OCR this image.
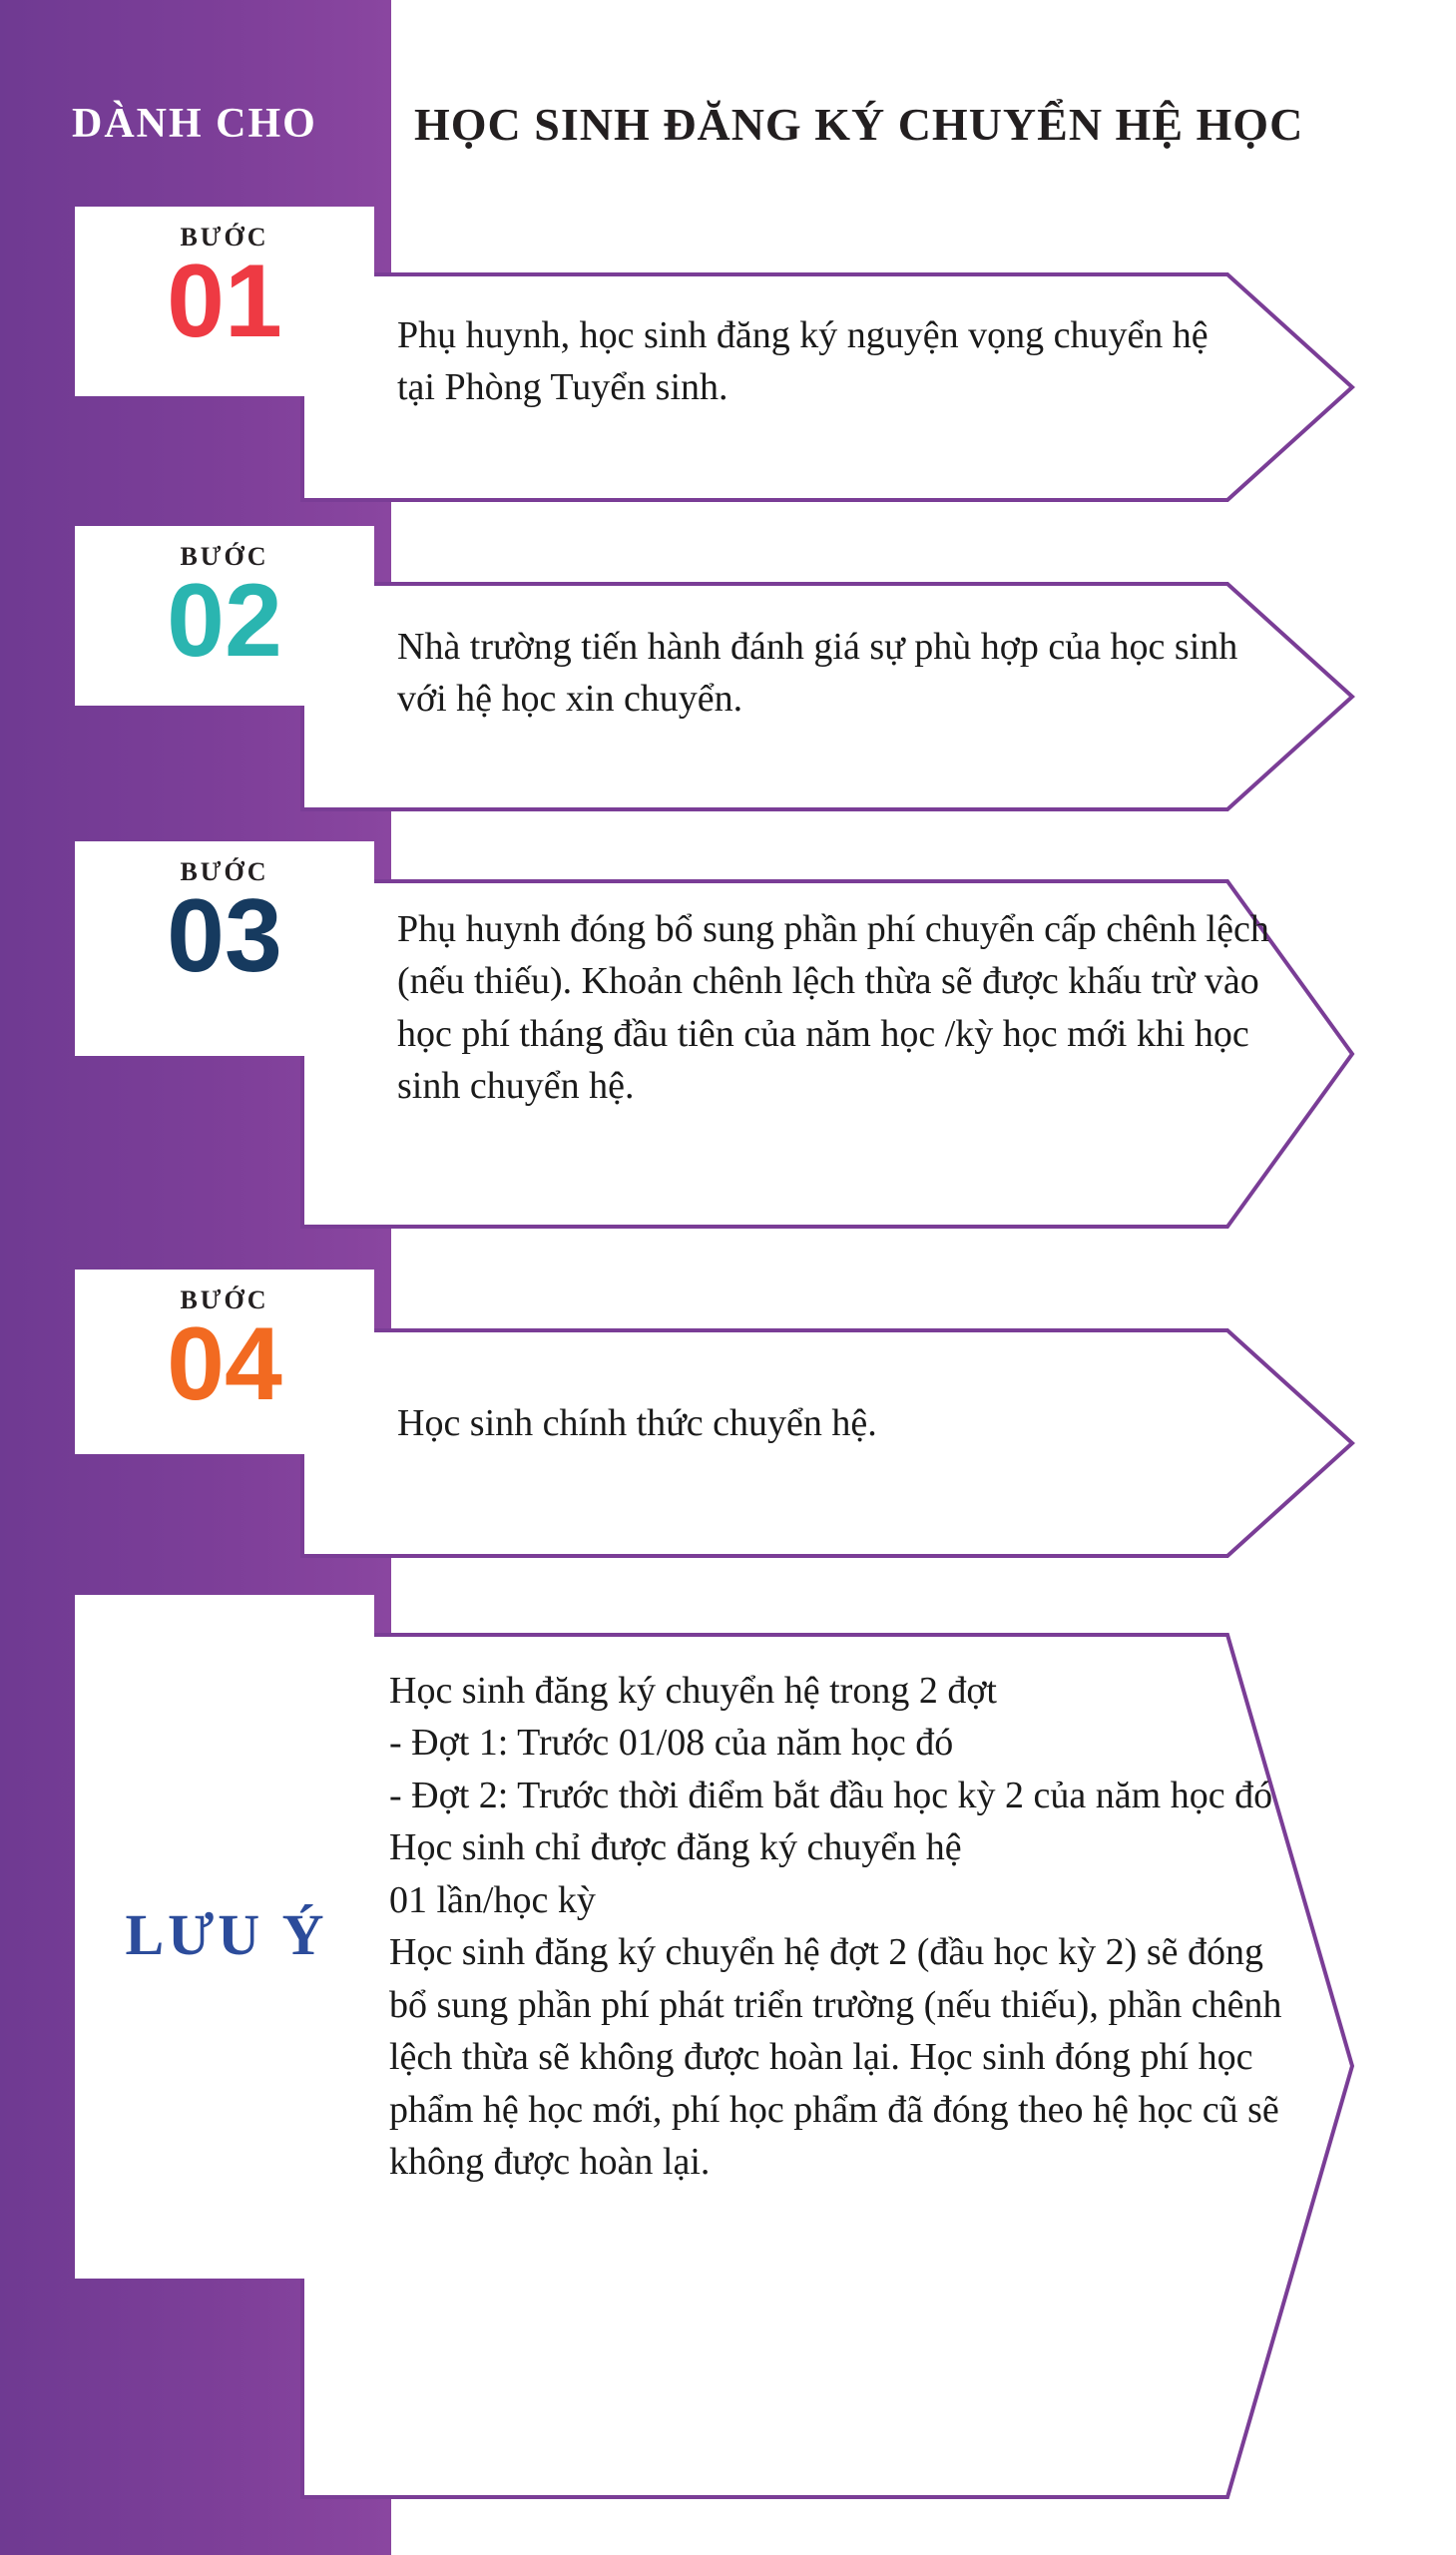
DÀNH CHO	HỌC SINH ĐĂNG KÝ CHUYỂN HỆ HỌC
BƯỚC
01	Phụ huynh, học sinh đăng ký nguyện vọng chuyển hệ tại Phòng Tuyển sinh.
BƯỚC
02	Nhà trường tiến hành đánh giá sự phù hợp của học sinh với hệ học xin chuyển.
BƯỚC
03	Phụ huynh đóng bổ sung phần phí chuyển cấp chênh lệch (nếu thiếu). Khoản chênh lệch thừa sẽ được khấu trừ vào học phí tháng đầu tiên của năm học /kỳ học mới khi học sinh chuyển hệ.
BƯỚC
04
Học sinh chính thức chuyển hệ.
LƯU Ý
Học sinh đăng ký chuyển hệ trong 2 đợt
- Đợt 1: Trước 01/08 của năm học đó
- Đợt 2: Trước thời điểm bắt đầu học kỳ 2 của năm học đó
Học sinh chỉ được đăng ký chuyển hệ
01 lần/học kỳ
Học sinh đăng ký chuyển hệ đợt 2 (đầu học kỳ 2) sẽ đóng bổ sung phần phí phát triển trường (nếu thiếu), phần chênh lệch thừa sẽ không được hoàn lại. Học sinh đóng phí học phẩm hệ học mới, phí học phẩm đã đóng theo hệ học cũ sẽ không được hoàn lại.
